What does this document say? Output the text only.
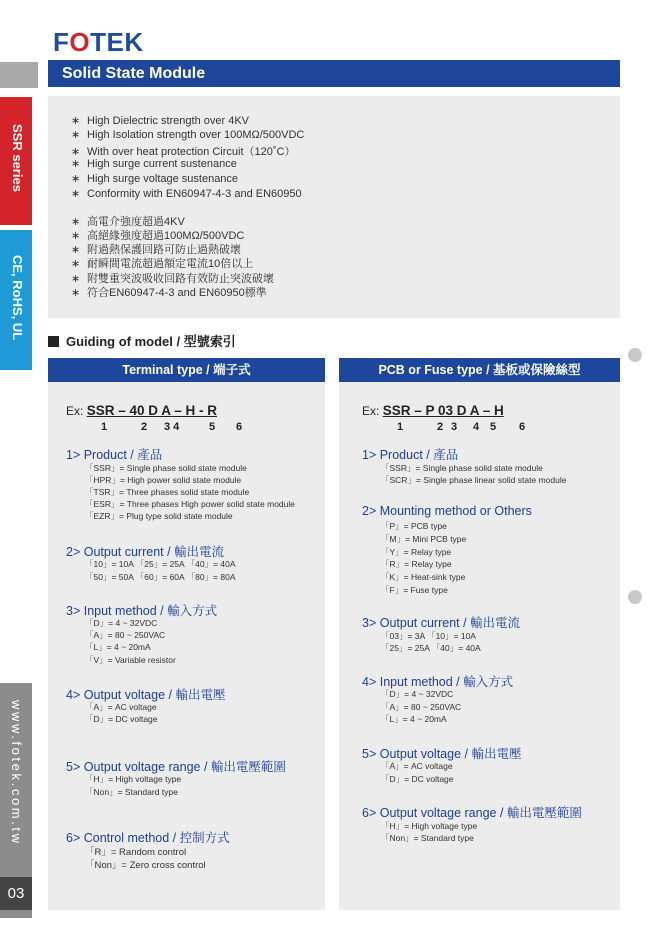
SSR series
CE, RoHS, UL
www.fotek.com.tw
03
FOTEK
Solid State Module
∗ High Dielectric strength over 4KV
∗ High Isolation strength over 100MΩ/500VDC
∗ With over heat protection Circuit（120˚C）
∗ High surge current sustenance
∗ High surge voltage sustenance
∗ Conformity with EN60947-4-3 and EN60950
∗ 高電介強度超過4KV
∗ 高絕緣強度超過100MΩ/500VDC
∗ 附過熱保護回路可防止過熱破壞
∗ 耐瞬間電流超過額定電流10倍以上
∗ 附雙重突波吸收回路有效防止突波破壞
∗ 符合EN60947-4-3 and EN60950標準
Guiding of model / 型號索引
Terminal type / 端子式
Ex: SSR – 40 D A – H - R
1	2 3 4	5 6
1> Product / 產品
「SSR」= Single phase solid state module
「HPR」= High power solid state module
「TSR」= Three phases solid state module
「ESR」= Three phases High power solid state module
「EZR」= Plug type solid state module
2> Output current / 輸出電流
「10」= 10A 「25」= 25A 「40」= 40A
「50」= 50A 「60」= 60A 「80」= 80A
3> Input method / 輸入方式
「D」= 4 ~ 32VDC
「A」= 80 ~ 250VAC
「L」= 4 ~ 20mA
「V」= Variable resistor
4> Output voltage / 輸出電壓
「A」= AC voltage
「D」= DC voltage
5> Output voltage range / 輸出電壓範圍
「H」= High voltage type
「Non」= Standard type
6> Control method / 控制方式
「R」= Random control
「Non」= Zero cross control
PCB or Fuse type / 基板或保險絲型
Ex: SSR – P 03 D A – H
1	2 3 4 5 6
1> Product / 產品
「SSR」= Single phase solid state module
「SCR」= Single phase linear solid state module
2> Mounting method or Others
「P」= PCB type
「M」= Mini PCB type
「Y」= Relay type
「R」= Relay type
「K」= Heat-sink type
「F」= Fuse type
3> Output current / 輸出電流
「03」= 3A 「10」= 10A
「25」= 25A 「40」= 40A
4> Input method / 輸入方式
「D」= 4 ~ 32VDC
「A」= 80 ~ 250VAC
「L」= 4 ~ 20mA
5> Output voltage / 輸出電壓
「A」= AC voltage
「D」= DC voltage
6> Output voltage range / 輸出電壓範圍
「H」= High voltage type
「Non」= Standard type
